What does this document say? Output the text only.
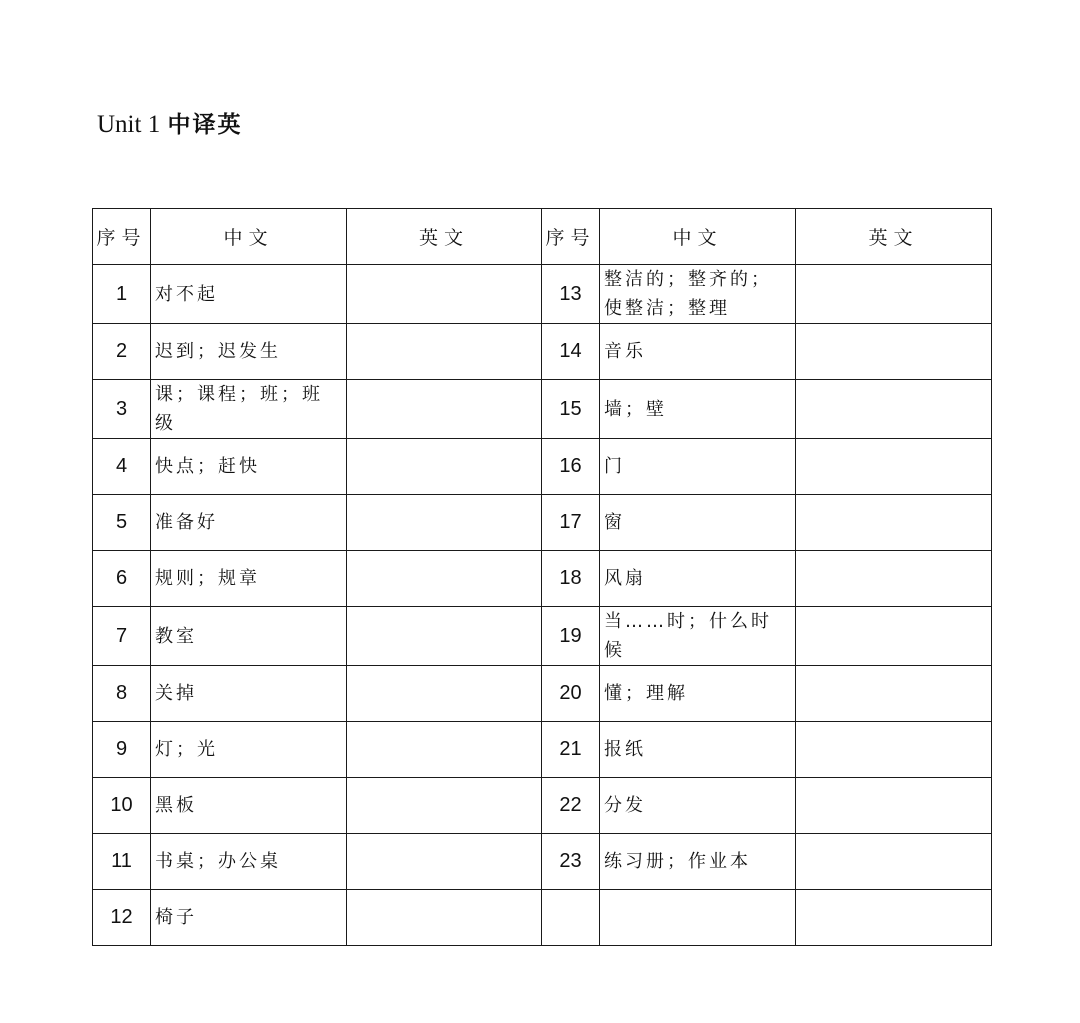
Unit 1 中译英
序号	中文	英文	序号	中文	英文
1	对不起		13	整洁的；整齐的；使整洁；整理	
2	迟到；迟发生		14	音乐	
3	课；课程；班；班级		15	墙；壁	
4	快点；赶快		16	门	
5	准备好		17	窗	
6	规则；规章		18	风扇	
7	教室		19	当……时；什么时候	
8	关掉		20	懂；理解	
9	灯；光		21	报纸	
10	黑板		22	分发	
11	书桌；办公桌		23	练习册；作业本	
12	椅子				
